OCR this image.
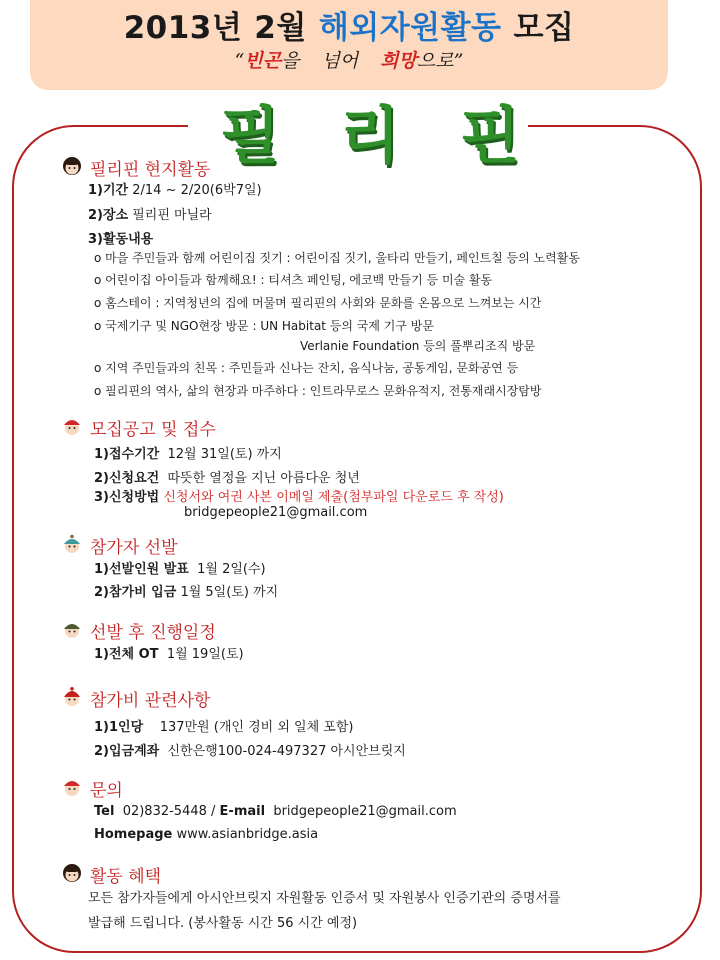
2013년 2월 해외자원활동 모집
“빈곤을 넘어 희망으로”
필리핀
필리핀 현지활동
1)기간 2/14 ~ 2/20(6박7일)
2)장소 필리핀 마닐라
3)활동내용
o 마을 주민들과 함께 어린이집 짓기 : 어린이집 짓기, 울타리 만들기, 페인트칠 등의 노력활동
o 어린이집 아이들과 함께해요! : 티셔츠 페인팅, 에코백 만들기 등 미술 활동
o 홈스테이 : 지역청년의 집에 머물며 필리핀의 사회와 문화를 온몸으로 느껴보는 시간
o 국제기구 및 NGO현장 방문 : UN Habitat 등의 국제 기구 방문
Verlanie Foundation 등의 풀뿌리조직 방문
o 지역 주민들과의 친목 : 주민들과 신나는 잔치, 음식나눔, 공동게임, 문화공연 등
o 필리핀의 역사, 삶의 현장과 마주하다 : 인트라무로스 문화유적지, 전통재래시장탐방
모집공고 및 접수
1)접수기간 12월 31일(토) 까지
2)신청요건 따뜻한 열정을 지닌 아름다운 청년
3)신청방법 신청서와 여권 사본 이메일 제출(첨부파일 다운로드 후 작성)
bridgepeople21@gmail.com
참가자 선발
1)선발인원 발표 1월 2일(수)
2)참가비 입금 1월 5일(토) 까지
선발 후 진행일정
1)전체 OT 1월 19일(토)
참가비 관련사항
1)1인당 137만원 (개인 경비 외 일체 포함)
2)입금계좌 신한은행100-024-497327 아시안브릿지
문의
Tel 02)832-5448 / E-mail bridgepeople21@gmail.com
Homepage www.asianbridge.asia
활동 혜택
모든 참가자들에게 아시안브릿지 자원활동 인증서 및 자원봉사 인증기관의 증명서를
발급해 드립니다. (봉사활동 시간 56 시간 예정)
